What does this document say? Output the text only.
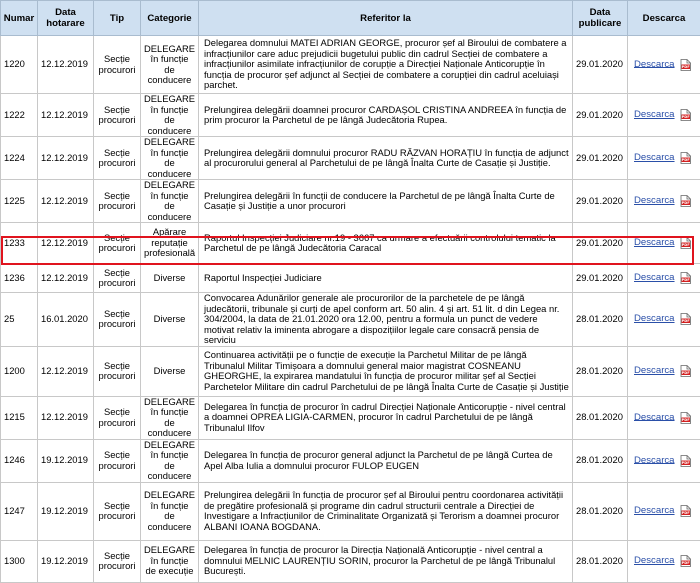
Numar	Data hotarare	Tip	Categorie	Referitor la	Data publicare	Descarca
1220	12.12.2019	Secție procurori	DELEGARE în funcție de conducere	Delegarea domnului MATEI ADRIAN GEORGE, procuror șef al Biroului de combatere a infracțiunilor care aduc prejudicii bugetului public din cadrul Secției de combatere a infracțiunilor asimilate infracțiunilor de corupție a Direcției Naționale Anticorupție în funcția de procuror șef adjunct al Secției de combatere a corupției din cadrul aceluiași parchet.	29.01.2020	Descarca PDF

1222	12.12.2019	Secție procurori	DELEGARE în funcție de conducere	Prelungirea delegării doamnei procuror CARDAȘOL CRISTINA ANDREEA în funcția de prim procuror la Parchetul de pe lângă Judecătoria Rupea.	29.01.2020	Descarca PDF

1224	12.12.2019	Secție procurori	DELEGARE în funcție de conducere	Prelungirea delegării domnului procuror RADU RĂZVAN HORAȚIU în funcția de adjunct al procurorului general al Parchetului de pe lângă Înalta Curte de Casație și Justiție.	29.01.2020	Descarca PDF

1225	12.12.2019	Secție procurori	DELEGARE în funcție de conducere	Prelungirea delegării în funcții de conducere la Parchetul de pe lângă Înalta Curte de Casație și Justiție a unor procurori	29.01.2020	Descarca PDF

1233	12.12.2019	Secție procurori	Apărare reputație profesională	Raportul Inspecției Judiciare nr.19 - 3667 ca urmare a efectuării controlului tematic la Parchetul de pe lângă Judecătoria Caracal	29.01.2020	Descarca PDF

1236	12.12.2019	Secție procurori	Diverse	Raportul Inspecției Judiciare	29.01.2020	Descarca PDF

25	16.01.2020	Secție procurori	Diverse	Convocarea Adunărilor generale ale procurorilor de la parchetele de pe lângă judecătorii, tribunale și curți de apel conform art. 50 alin. 4 și art. 51 lit. d din Legea nr. 304/2004, la data de 21.01.2020 ora 12.00, pentru a formula un punct de vedere motivat relativ la iminenta abrogare a dispozițiilor legale care consacră pensia de serviciu	28.01.2020	Descarca PDF

1200	12.12.2019	Secție procurori	Diverse	Continuarea activității pe o funcție de execuție la Parchetul Militar de pe lângă Tribunalul Militar Timișoara a domnului general maior magistrat COSNEANU GHEORGHE, la expirarea mandatului în funcția de procuror militar șef al Secției Parchetelor Militare din cadrul Parchetului de pe lângă Înalta Curte de Casație și Justiție	28.01.2020	Descarca PDF

1215	12.12.2019	Secție procurori	DELEGARE în funcție de conducere	Delegarea în funcția de procuror în cadrul Direcției Naționale Anticorupție - nivel central a doamnei OPREA LIGIA-CARMEN, procuror în cadrul Parchetului de pe lângă Tribunalul Ilfov	28.01.2020	Descarca PDF

1246	19.12.2019	Secție procurori	DELEGARE în funcție de conducere	Delegarea în funcția de procuror general adjunct la Parchetul de pe lângă Curtea de Apel Alba Iulia a domnului procuror FULOP EUGEN	28.01.2020	Descarca PDF

1247	19.12.2019	Secție procurori	DELEGARE în funcție de conducere	Prelungirea delegării în funcția de procuror șef al Biroului pentru coordonarea activității de pregătire profesională și programe din cadrul structurii centrale a Direcției de Investigare a Infracțiunilor de Criminalitate Organizată și Terorism a doamnei procuror ALBANI IOANA BOGDANA.	28.01.2020	Descarca PDF

1300	19.12.2019	Secție procurori	DELEGARE în funcție de execuție	Delegarea în funcția de procuror la Direcția Națională Anticorupție - nivel central a domnului MELNIC LAURENȚIU SORIN, procuror la Parchetul de pe lângă Tribunalul București.	28.01.2020	Descarca PDF
